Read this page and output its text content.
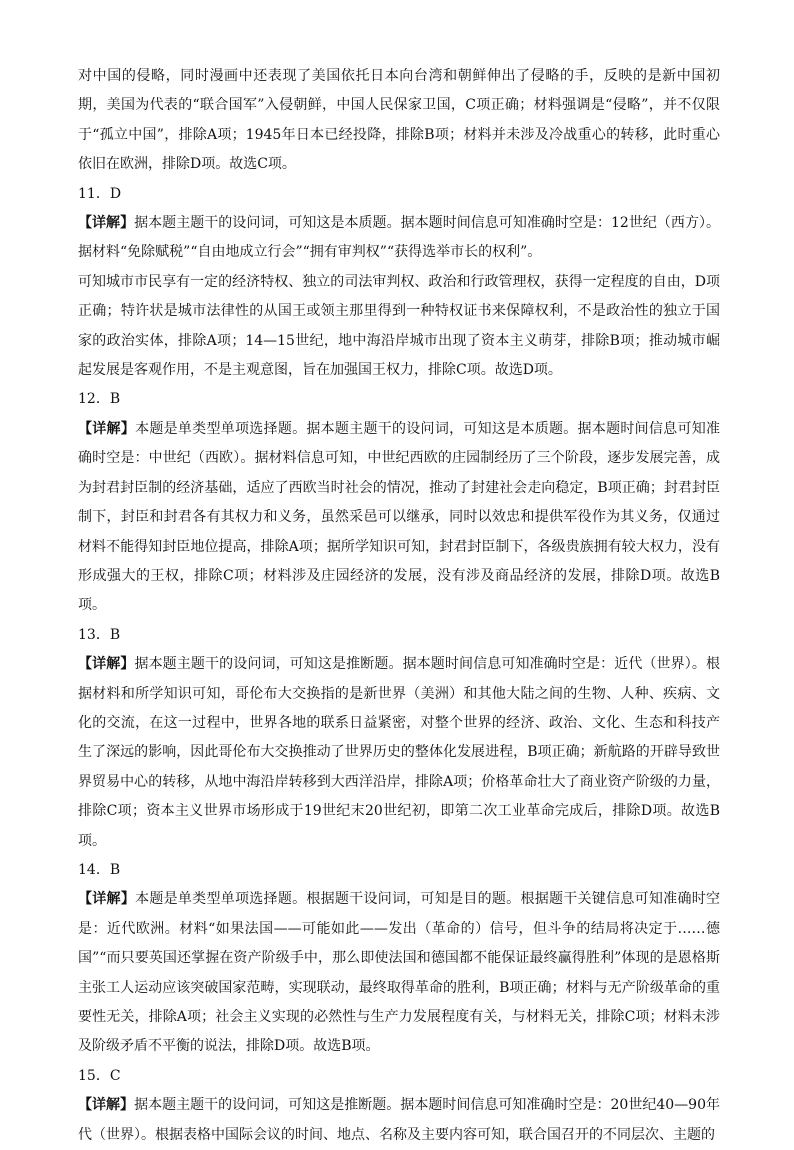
对中国的侵略，同时漫画中还表现了美国依托日本向台湾和朝鲜伸出了侵略的手，反映的是新中国初期，美国为代表的“联合国军”入侵朝鲜，中国人民保家卫国，C项正确；材料强调是“侵略”，并不仅限于“孤立中国”，排除A项；1945年日本已经投降，排除B项；材料并未涉及冷战重心的转移，此时重心依旧在欧洲，排除D项。故选C项。

11．D

【详解】据本题主题干的设问词，可知这是本质题。据本题时间信息可知准确时空是：12世纪（西方）。据材料“免除赋税”“自由地成立行会”“拥有审判权”“获得选举市长的权利”。

可知城市市民享有一定的经济特权、独立的司法审判权、政治和行政管理权，获得一定程度的自由，D项正确；特许状是城市法律性的从国王或领主那里得到一种特权证书来保障权利，不是政治性的独立于国家的政治实体，排除A项；14—15世纪，地中海沿岸城市出现了资本主义萌芽，排除B项；推动城市崛起发展是客观作用，不是主观意图，旨在加强国王权力，排除C项。故选D项。

12．B

【详解】本题是单类型单项选择题。据本题主题干的设问词，可知这是本质题。据本题时间信息可知准确时空是：中世纪（西欧）。据材料信息可知，中世纪西欧的庄园制经历了三个阶段，逐步发展完善，成为封君封臣制的经济基础，适应了西欧当时社会的情况，推动了封建社会走向稳定，B项正确；封君封臣制下，封臣和封君各有其权力和义务，虽然采邑可以继承，同时以效忠和提供军役作为其义务，仅通过材料不能得知封臣地位提高，排除A项；据所学知识可知，封君封臣制下，各级贵族拥有较大权力，没有形成强大的王权，排除C项；材料涉及庄园经济的发展，没有涉及商品经济的发展，排除D项。故选B项。

13．B

【详解】据本题主题干的设问词，可知这是推断题。据本题时间信息可知准确时空是：近代（世界）。根据材料和所学知识可知，哥伦布大交换指的是新世界（美洲）和其他大陆之间的生物、人种、疾病、文化的交流，在这一过程中，世界各地的联系日益紧密，对整个世界的经济、政治、文化、生态和科技产生了深远的影响，因此哥伦布大交换推动了世界历史的整体化发展进程，B项正确；新航路的开辟导致世界贸易中心的转移，从地中海沿岸转移到大西洋沿岸，排除A项；价格革命壮大了商业资产阶级的力量，排除C项；资本主义世界市场形成于19世纪末20世纪初，即第二次工业革命完成后，排除D项。故选B项。

14．B

【详解】本题是单类型单项选择题。根据题干设问词，可知是目的题。根据题干关键信息可知准确时空是：近代欧洲。材料“如果法国——可能如此——发出（革命的）信号，但斗争的结局将决定于……德国”“而只要英国还掌握在资产阶级手中，那么即使法国和德国都不能保证最终赢得胜利”体现的是恩格斯主张工人运动应该突破国家范畴，实现联动，最终取得革命的胜利，B项正确；材料与无产阶级革命的重要性无关，排除A项；社会主义实现的必然性与生产力发展程度有关，与材料无关，排除C项；材料未涉及阶级矛盾不平衡的说法，排除D项。故选B项。

15．C

【详解】据本题主题干的设问词，可知这是推断题。据本题时间信息可知准确时空是：20世纪40—90年代（世界）。根据表格中国际会议的时间、地点、名称及主要内容可知，联合国召开的不同层次、主题的
